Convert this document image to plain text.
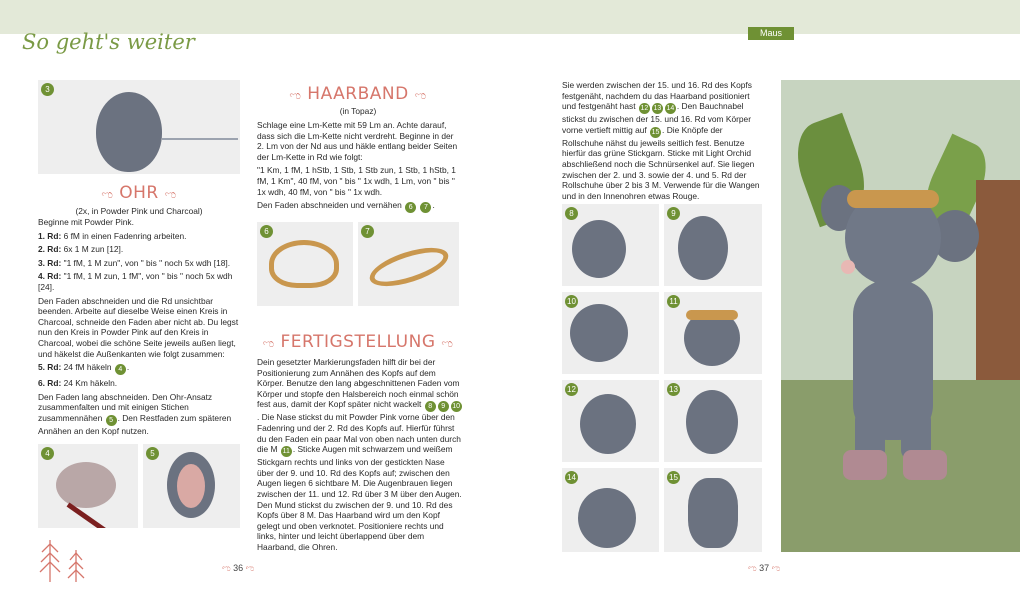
So geht's weiter	Maus Greta
3
ಌ OHR ಌ
(2x, in Powder Pink und Charcoal)

Beginne mit Powder Pink.

1. Rd: 6 fM in einen Fadenring arbeiten.

2. Rd: 6x 1 M zun [12].

3. Rd: "1 fM, 1 M zun", von " bis " noch 5x wdh [18].

4. Rd: "1 fM, 1 M zun, 1 fM", von " bis " noch 5x wdh [24].

Den Faden abschneiden und die Rd unsichtbar beenden. Arbeite auf dieselbe Weise einen Kreis in Charcoal, schneide den Faden aber nicht ab. Du legst nun den Kreis in Powder Pink auf den Kreis in Charcoal, wobei die schöne Seite jeweils außen liegt, und häkelst die Außenkanten wie folgt zusammen:

5. Rd: 24 fM häkeln 4 .

6. Rd: 24 Km häkeln.

Den Faden lang abschneiden. Den Ohr-Ansatz zusammenfalten und mit einigen Stichen zusammennähen 5 . Den Restfaden zum späteren Annähen an den Kopf nutzen.

4	5
ಌ HAARBAND ಌ
(in Topaz)

Schlage eine Lm-Kette mit 59 Lm an. Achte darauf, dass sich die Lm-Kette nicht verdreht. Beginne in der 2. Lm von der Nd aus und häkle entlang beider Seiten der Lm-Kette in Rd wie folgt:

"1 Km, 1 fM, 1 hStb, 1 Stb, 1 Stb zun, 1 Stb, 1 hStb, 1 fM, 1 Km", 40 fM, von " bis " 1x wdh, 1 Lm, von " bis " 1x wdh, 40 fM, von " bis " 1x wdh.

Den Faden abschneiden und vernähen 6 7 .

6	7
ಌ FERTIGSTELLUNG ಌ

Dein gesetzter Markierungsfaden hilft dir bei der Positionierung zum Annähen des Kopfs auf dem Körper. Benutze den lang abgeschnittenen Faden vom Körper und stopfe den Halsbereich noch einmal schön fest aus, damit der Kopf später nicht wackelt 8 9 10. Die Nase stickst du mit Powder Pink vorne über den Fadenring und der 2. Rd des Kopfs auf. Hierfür führst du den Faden ein paar Mal von oben nach unten durch die M 11 . Sticke Augen mit schwarzem und weißem Stickgarn rechts und links von der gestickten Nase über der 9. und 10. Rd des Kopfs auf; zwischen den Augen liegen 6 sichtbare M. Die Augenbrauen liegen zwischen der 11. und 12. Rd über 3 M über den Augen. Den Mund stickst du zwischen der 9. und 10. Rd des Kopfs über 8 M. Das Haarband wird um den Kopf gelegt und oben verknotet. Positioniere rechts und links, hinter und leicht überlappend über dem Haarband, die Ohren.

ಌ 36 ಌ

Sie werden zwischen der 15. und 16. Rd des Kopfs festgenäht, nachdem du das Haarband positioniert und festgenäht hast 12 13 14 . Den Bauchnabel stickst du zwischen der 15. und 16. Rd vom Körper vorne vertieft mittig auf 15 . Die Knöpfe der Rollschuhe nähst du jeweils seitlich fest. Benutze hierfür das grüne Stickgarn. Sticke mit Light Orchid abschließend noch die Schnürsenkel auf. Sie liegen zwischen der 2. und 3. sowie der 4. und 5. Rd der Rollschuhe über 2 bis 3 M. Verwende für die Wangen und in den Innenohren etwas Rouge.

8	9
10	11
12	13
14	15
ಌ 37 ಌ
